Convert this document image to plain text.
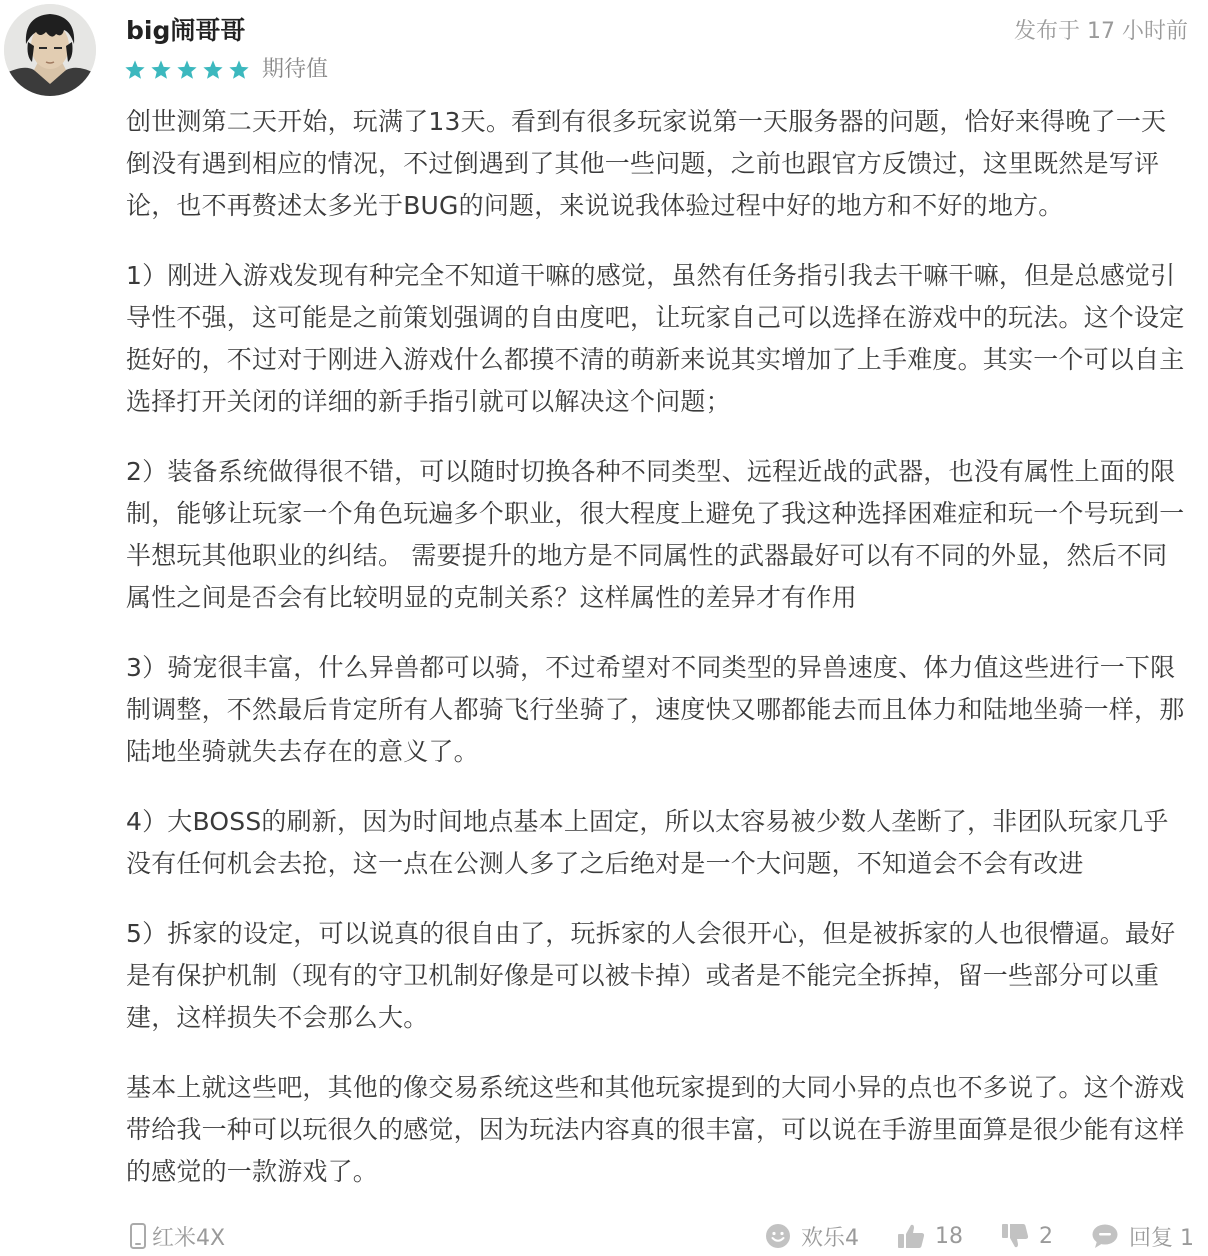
big闹哥哥
期待值
发布于 17 小时前

创世测第二天开始，玩满了13天。看到有很多玩家说第一天服务器的问题，恰好来得晚了一天倒没有遇到相应的情况，不过倒遇到了其他一些问题，之前也跟官方反馈过，这里既然是写评论，也不再赘述太多光于BUG的问题，来说说我体验过程中好的地方和不好的地方。

1）刚进入游戏发现有种完全不知道干嘛的感觉，虽然有任务指引我去干嘛干嘛，但是总感觉引导性不强，这可能是之前策划强调的自由度吧，让玩家自己可以选择在游戏中的玩法。这个设定挺好的，不过对于刚进入游戏什么都摸不清的萌新来说其实增加了上手难度。其实一个可以自主选择打开关闭的详细的新手指引就可以解决这个问题；

2）装备系统做得很不错，可以随时切换各种不同类型、远程近战的武器，也没有属性上面的限制，能够让玩家一个角色玩遍多个职业，很大程度上避免了我这种选择困难症和玩一个号玩到一半想玩其他职业的纠结。 需要提升的地方是不同属性的武器最好可以有不同的外显，然后不同属性之间是否会有比较明显的克制关系？这样属性的差异才有作用

3）骑宠很丰富，什么异兽都可以骑，不过希望对不同类型的异兽速度、体力值这些进行一下限制调整，不然最后肯定所有人都骑飞行坐骑了，速度快又哪都能去而且体力和陆地坐骑一样，那陆地坐骑就失去存在的意义了。

4）大BOSS的刷新，因为时间地点基本上固定，所以太容易被少数人垄断了，非团队玩家几乎没有任何机会去抢，这一点在公测人多了之后绝对是一个大问题，不知道会不会有改进

5）拆家的设定，可以说真的很自由了，玩拆家的人会很开心，但是被拆家的人也很懵逼。最好是有保护机制（现有的守卫机制好像是可以被卡掉）或者是不能完全拆掉，留一些部分可以重建，这样损失不会那么大。

基本上就这些吧，其他的像交易系统这些和其他玩家提到的大同小异的点也不多说了。这个游戏带给我一种可以玩很久的感觉，因为玩法内容真的很丰富，可以说在手游里面算是很少能有这样的感觉的一款游戏了。

红米4X	欢乐4	18	2	回复 1
